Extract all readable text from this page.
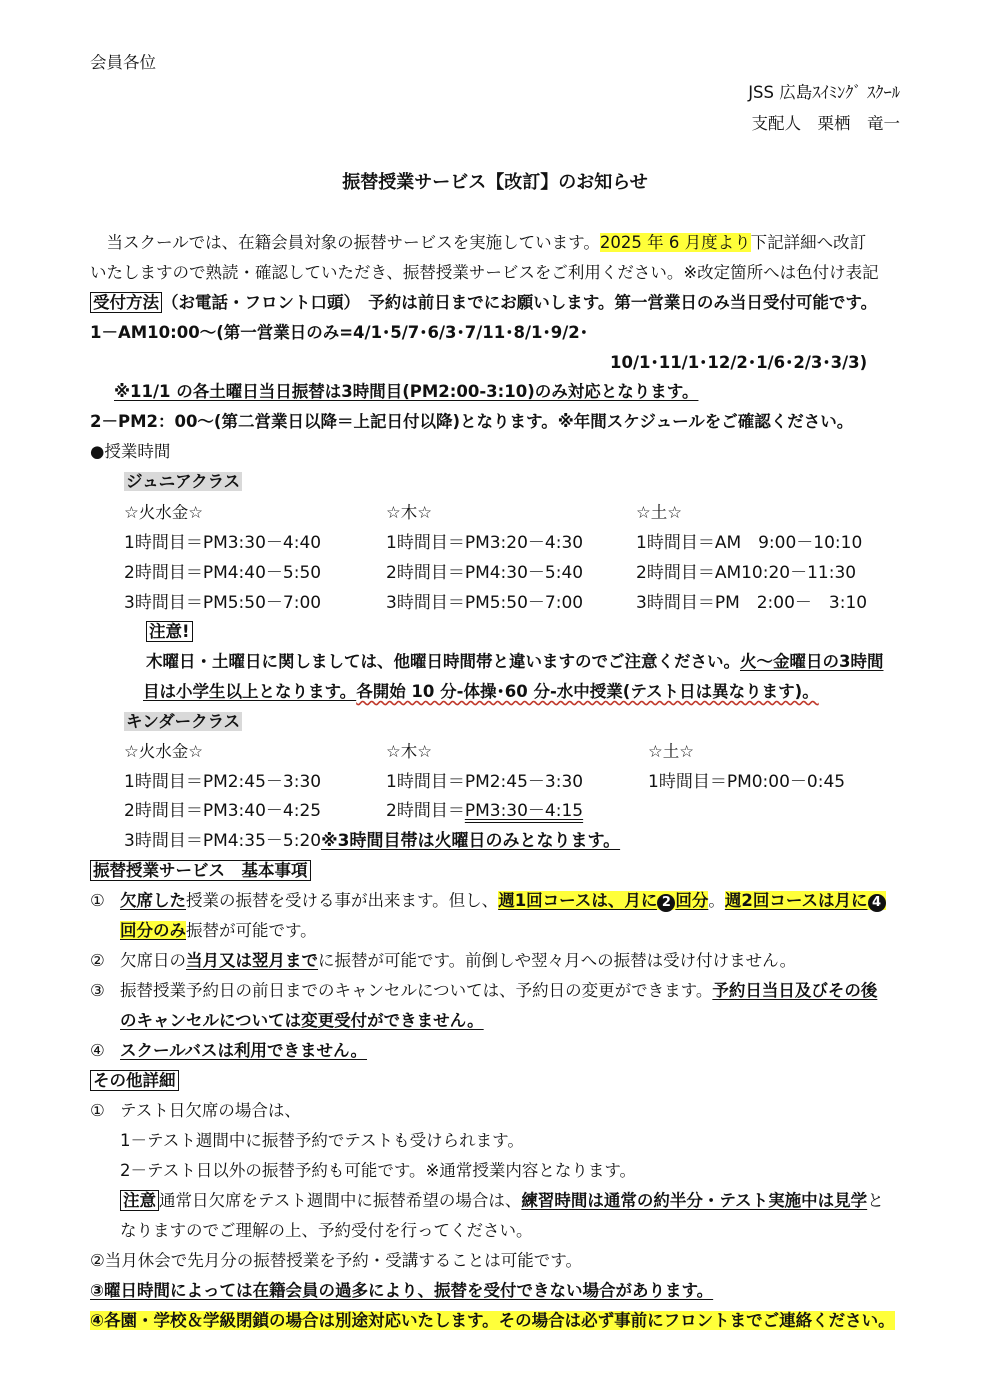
会員各位
JSS 広島ｽｲﾐﾝｸﾞ ｽｸｰﾙ
支配人　栗栖　竜一
振替授業サービス【改訂】のお知らせ
　当スクールでは、在籍会員対象の振替サービスを実施しています。2025 年 6 月度より下記詳細へ改訂
いたしますので熟読・確認していただき、振替授業サービスをご利用ください。※改定箇所へは色付け表記
受付方法 （お電話・フロント口頭）　予約は前日までにお願いします。第一営業日のみ当日受付可能です。
1－AM10:00～(第一営業日のみ=4/1･5/7･6/3･7/11･8/1･9/2･
10/1･11/1･12/2･1/6･2/3･3/3)
※11/1 の各土曜日当日振替は3時間目(PM2:00-3:10)のみ対応となります。
2－PM2：00～(第二営業日以降＝上記日付以降)となります。※年間スケジュールをご確認ください。
●授業時間
ジュニアクラス
☆火水金☆	☆木☆	☆土☆
1時間目＝PM3:30－4:40	1時間目＝PM3:20－4:30	1時間目＝AM　9:00－10:10
2時間目＝PM4:40－5:50	2時間目＝PM4:30－5:40	2時間目＝AM10:20－11:30
3時間目＝PM5:50－7:00	3時間目＝PM5:50－7:00	3時間目＝PM　2:00－　3:10
注意!
木曜日・土曜日に関しましては、他曜日時間帯と違いますのでご注意ください。火～金曜日の3時間
目は小学生以上となります。各開始 10 分-体操･60 分-水中授業(テスト日は異なります)。
キンダークラス
☆火水金☆	☆木☆	☆土☆
1時間目＝PM2:45－3:30	1時間目＝PM2:45－3:30	1時間目＝PM0:00－0:45
2時間目＝PM3:40－4:25	2時間目＝PM3:30－4:15
3時間目＝PM4:35－5:20※3時間目帯は火曜日のみとなります。
振替授業サービス　基本事項
① 欠席した授業の振替を受ける事が出来ます。但し、週1回コースは、月に 2 回分。週2回コースは月に 4
回分のみ振替が可能です。
② 欠席日の当月又は翌月までに振替が可能です。前倒しや翌々月への振替は受け付けません。
③ 振替授業予約日の前日までのキャンセルについては、予約日の変更ができます。予約日当日及びその後
のキャンセルについては変更受付ができません。
④ スクールバスは利用できません。
その他詳細
① テスト日欠席の場合は、
1－テスト週間中に振替予約でテストも受けられます。
2－テスト日以外の振替予約も可能です。※通常授業内容となります。
注意 通常日欠席をテスト週間中に振替希望の場合は、練習時間は通常の約半分・テスト実施中は見学と
なりますのでご理解の上、予約受付を行ってください。
②当月休会で先月分の振替授業を予約・受講することは可能です。
③曜日時間によっては在籍会員の過多により、振替を受付できない場合があります。
④各園・学校＆学級閉鎖の場合は別途対応いたします。その場合は必ず事前にフロントまでご連絡ください。
